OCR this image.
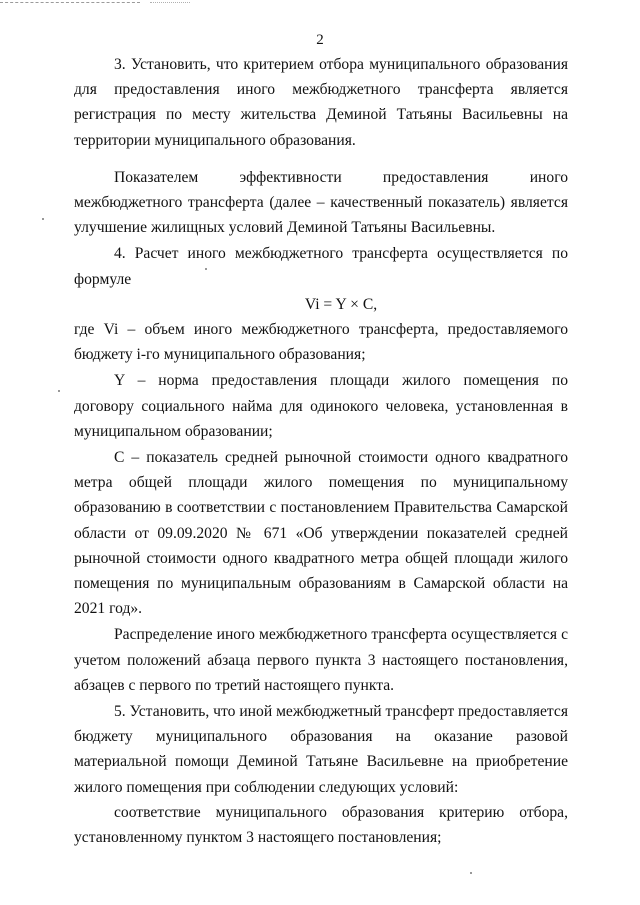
2

3. Установить, что критерием отбора муниципального образования для предоставления иного межбюджетного трансферта является регистрация по месту жительства Деминой Татьяны Васильевны на территории муниципального образования.

Показателем эффективности предоставления иного межбюджетного трансферта (далее – качественный показатель) является улучшение жилищных условий Деминой Татьяны Васильевны.

4. Расчет иного межбюджетного трансферта осуществляется по формуле

Vi = Y × C,

где Vi – объем иного межбюджетного трансферта, предоставляемого бюджету i-го муниципального образования;

Y – норма предоставления площади жилого помещения по договору социального найма для одинокого человека, установленная в муниципальном образовании;

C – показатель средней рыночной стоимости одного квадратного метра общей площади жилого помещения по муниципальному образованию в соответствии с постановлением Правительства Самарской области от 09.09.2020 № 671 «Об утверждении показателей средней рыночной стоимости одного квадратного метра общей площади жилого помещения по муниципальным образованиям в Самарской области на 2021 год».

Распределение иного межбюджетного трансферта осуществляется с учетом положений абзаца первого пункта 3 настоящего постановления, абзацев с первого по третий настоящего пункта.

5. Установить, что иной межбюджетный трансферт предоставляется бюджету муниципального образования на оказание разовой материальной помощи Деминой Татьяне Васильевне на приобретение жилого помещения при соблюдении следующих условий:

соответствие муниципального образования критерию отбора, установленному пунктом 3 настоящего постановления;
